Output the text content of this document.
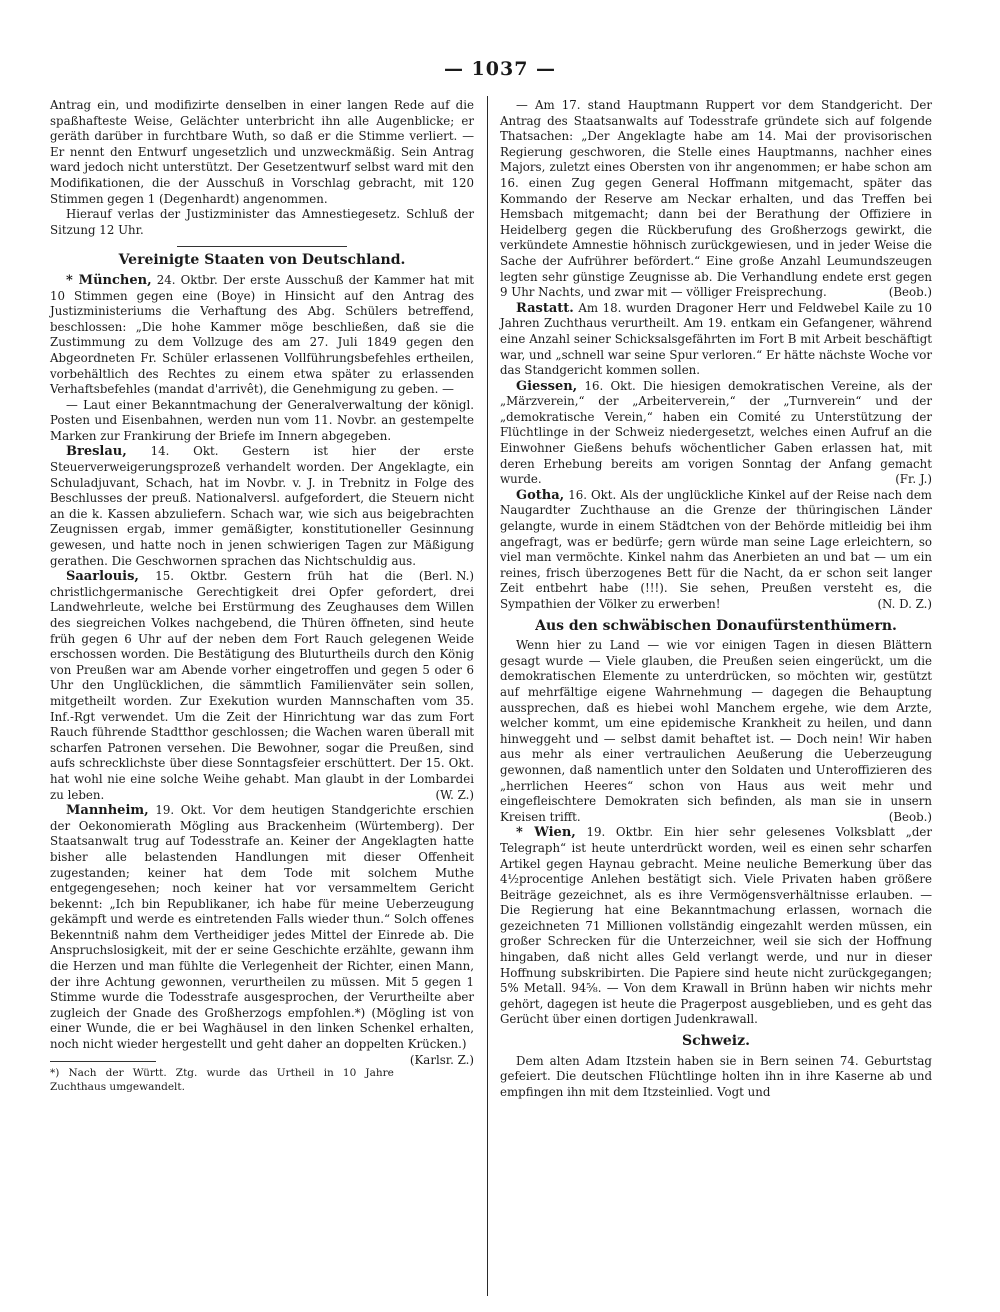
— 1037 —

Antrag ein, und modifizirte denselben in einer langen Rede auf die spaßhafteste Weise, Gelächter unterbricht ihn alle Augenblicke; er geräth darüber in furchtbare Wuth, so daß er die Stimme verliert. — Er nennt den Entwurf ungesetzlich und unzweckmäßig. Sein Antrag ward jedoch nicht unterstützt. Der Gesetzentwurf selbst ward mit den Modifikationen, die der Ausschuß in Vorschlag gebracht, mit 120 Stimmen gegen 1 (Degenhardt) angenommen.

Hierauf verlas der Justizminister das Amnestiegesetz. Schluß der Sitzung 12 Uhr.

Vereinigte Staaten von Deutschland.

* München, 24. Oktbr. Der erste Ausschuß der Kammer hat mit 10 Stimmen gegen eine (Boye) in Hinsicht auf den Antrag des Justizministeriums die Verhaftung des Abg. Schülers betreffend, beschlossen: „Die hohe Kammer möge beschließen, daß sie die Zustimmung zu dem Vollzuge des am 27. Juli 1849 gegen den Abgeordneten Fr. Schüler erlassenen Vollführungsbefehles ertheilen, vorbehältlich des Rechtes zu einem etwa später zu erlassenden Verhaftsbefehles (mandat d'arrivêt), die Genehmigung zu geben. —

— Laut einer Bekanntmachung der Generalverwaltung der königl. Posten und Eisenbahnen, werden nun vom 11. Novbr. an gestempelte Marken zur Frankirung der Briefe im Innern abgegeben.

Breslau, 14. Okt. Gestern ist hier der erste Steuerverweigerungsprozeß verhandelt worden. Der Angeklagte, ein Schuladjuvant, Schach, hat im Novbr. v. J. in Trebnitz in Folge des Beschlusses der preuß. Nationalversl. aufgefordert, die Steuern nicht an die k. Kassen abzuliefern. Schach war, wie sich aus beigebrachten Zeugnissen ergab, immer gemäßigter, konstitutioneller Gesinnung gewesen, und hatte noch in jenen schwierigen Tagen zur Mäßigung gerathen. Die Geschwornen sprachen das Nichtschuldig aus.
(Berl. N.)

Saarlouis, 15. Oktbr. Gestern früh hat die christlichgermanische Gerechtigkeit drei Opfer gefordert, drei Landwehrleute, welche bei Erstürmung des Zeughauses dem Willen des siegreichen Volkes nachgebend, die Thüren öffneten, sind heute früh gegen 6 Uhr auf der neben dem Fort Rauch gelegenen Weide erschossen worden. Die Bestätigung des Bluturtheils durch den König von Preußen war am Abende vorher eingetroffen und gegen 5 oder 6 Uhr den Unglücklichen, die sämmtlich Familienväter sein sollen, mitgetheilt worden. Zur Exekution wurden Mannschaften vom 35. Inf.-Rgt verwendet. Um die Zeit der Hinrichtung war das zum Fort Rauch führende Stadtthor geschlossen; die Wachen waren überall mit scharfen Patronen versehen. Die Bewohner, sogar die Preußen, sind aufs schrecklichste über diese Sonntagsfeier erschüttert. Der 15. Okt. hat wohl nie eine solche Weihe gehabt. Man glaubt in der Lombardei zu leben.	(W. Z.)

Mannheim, 19. Okt. Vor dem heutigen Standgerichte erschien der Oekonomierath Mögling aus Brackenheim (Würtemberg). Der Staatsanwalt trug auf Todesstrafe an. Keiner der Angeklagten hatte bisher alle belastenden Handlungen mit dieser Offenheit zugestanden; keiner hat dem Tode mit solchem Muthe entgegengesehen; noch keiner hat vor versammeltem Gericht bekennt: „Ich bin Republikaner, ich habe für meine Ueberzeugung gekämpft und werde es eintretenden Falls wieder thun.“ Solch offenes Bekenntniß nahm dem Vertheidiger jedes Mittel der Einrede ab. Die Anspruchslosigkeit, mit der er seine Geschichte erzählte, gewann ihm die Herzen und man fühlte die Verlegenheit der Richter, einen Mann, der ihre Achtung gewonnen, verurtheilen zu müssen. Mit 5 gegen 1 Stimme wurde die Todesstrafe ausgesprochen, der Verurtheilte aber zugleich der Gnade des Großherzogs empfohlen.*) (Mögling ist von einer Wunde, die er bei Waghäusel in den linken Schenkel erhalten, noch nicht wieder hergestellt und geht daher an doppelten Krücken.)
(Karlsr. Z.)

*) Nach der Württ. Ztg. wurde das Urtheil in 10 Jahre Zuchthaus umgewandelt.

— Am 17. stand Hauptmann Ruppert vor dem Standgericht. Der Antrag des Staatsanwalts auf Todesstrafe gründete sich auf folgende Thatsachen: „Der Angeklagte habe am 14. Mai der provisorischen Regierung geschworen, die Stelle eines Hauptmanns, nachher eines Majors, zuletzt eines Obersten von ihr angenommen; er habe schon am 16. einen Zug gegen General Hoffmann mitgemacht, später das Kommando der Reserve am Neckar erhalten, und das Treffen bei Hemsbach mitgemacht; dann bei der Berathung der Offiziere in Heidelberg gegen die Rückberufung des Großherzogs gewirkt, die verkündete Amnestie höhnisch zurückgewiesen, und in jeder Weise die Sache der Aufrührer befördert.“ Eine große Anzahl Leumundszeugen legten sehr günstige Zeugnisse ab. Die Verhandlung endete erst gegen 9 Uhr Nachts, und zwar mit — völliger Freisprechung.	(Beob.)

Rastatt. Am 18. wurden Dragoner Herr und Feldwebel Kaile zu 10 Jahren Zuchthaus verurtheilt. Am 19. entkam ein Gefangener, während eine Anzahl seiner Schicksalsgefährten im Fort B mit Arbeit beschäftigt war, und „schnell war seine Spur verloren.“ Er hätte nächste Woche vor das Standgericht kommen sollen.

Giessen, 16. Okt. Die hiesigen demokratischen Vereine, als der „Märzverein,“ der „Arbeiterverein,“ der „Turnverein“ und der „demokratische Verein,“ haben ein Comité zu Unterstützung der Flüchtlinge in der Schweiz niedergesetzt, welches einen Aufruf an die Einwohner Gießens behufs wöchentlicher Gaben erlassen hat, mit deren Erhebung bereits am vorigen Sonntag der Anfang gemacht wurde.	(Fr. J.)

Gotha, 16. Okt. Als der unglückliche Kinkel auf der Reise nach dem Naugardter Zuchthause an die Grenze der thüringischen Länder gelangte, wurde in einem Städtchen von der Behörde mitleidig bei ihm angefragt, was er bedürfe; gern würde man seine Lage erleichtern, so viel man vermöchte. Kinkel nahm das Anerbieten an und bat — um ein reines, frisch überzogenes Bett für die Nacht, da er schon seit langer Zeit entbehrt habe (!!!). Sie sehen, Preußen versteht es, die Sympathien der Völker zu erwerben!	(N. D. Z.)

Aus den schwäbischen Donaufürstenthümern.

Wenn hier zu Land — wie vor einigen Tagen in diesen Blättern gesagt wurde — Viele glauben, die Preußen seien eingerückt, um die demokratischen Elemente zu unterdrücken, so möchten wir, gestützt auf mehrfältige eigene Wahrnehmung — dagegen die Behauptung aussprechen, daß es hiebei wohl Manchem ergehe, wie dem Arzte, welcher kommt, um eine epidemische Krankheit zu heilen, und dann hinweggeht und — selbst damit behaftet ist. — Doch nein! Wir haben aus mehr als einer vertraulichen Aeußerung die Ueberzeugung gewonnen, daß namentlich unter den Soldaten und Unteroffizieren des „herrlichen Heeres“ schon von Haus aus weit mehr und eingefleischtere Demokraten sich befinden, als man sie in unsern Kreisen trifft.	(Beob.)

* Wien, 19. Oktbr. Ein hier sehr gelesenes Volksblatt „der Telegraph“ ist heute unterdrückt worden, weil es einen sehr scharfen Artikel gegen Haynau gebracht. Meine neuliche Bemerkung über das 4½procentige Anlehen bestätigt sich. Viele Privaten haben größere Beiträge gezeichnet, als es ihre Vermögensverhältnisse erlauben. — Die Regierung hat eine Bekanntmachung erlassen, wornach die gezeichneten 71 Millionen vollständig eingezahlt werden müssen, ein großer Schrecken für die Unterzeichner, weil sie sich der Hoffnung hingaben, daß nicht alles Geld verlangt werde, und nur in dieser Hoffnung subskribirten. Die Papiere sind heute nicht zurückgegangen; 5% Metall. 94⅝. — Von dem Krawall in Brünn haben wir nichts mehr gehört, dagegen ist heute die Pragerpost ausgeblieben, und es geht das Gerücht über einen dortigen Judenkrawall.

Schweiz.

Dem alten Adam Itzstein haben sie in Bern seinen 74. Geburtstag gefeiert. Die deutschen Flüchtlinge holten ihn in ihre Kaserne ab und empfingen ihn mit dem Itzsteinlied. Vogt und
